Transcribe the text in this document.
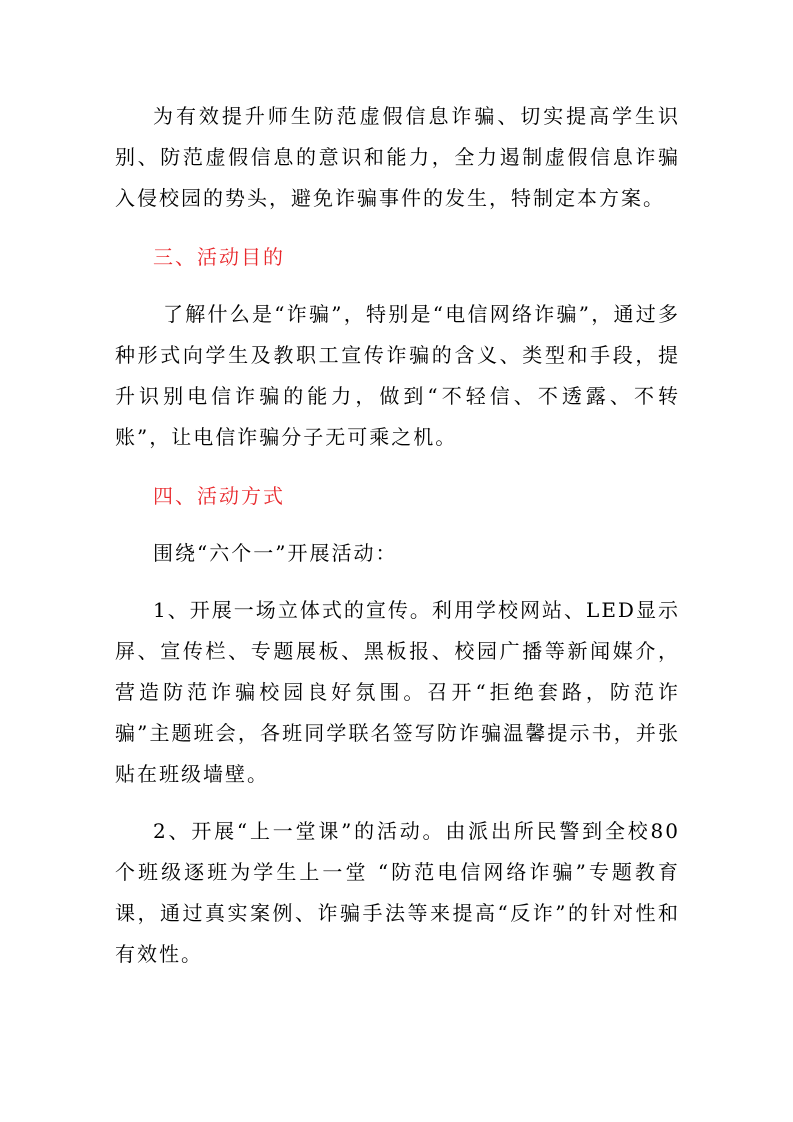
为有效提升师生防范虚假信息诈骗、切实提高学生识别、防范虚假信息的意识和能力，全力遏制虚假信息诈骗入侵校园的势头，避免诈骗事件的发生，特制定本方案。

三、活动目的

了解什么是“诈骗”，特别是“电信网络诈骗”，通过多种形式向学生及教职工宣传诈骗的含义、类型和手段，提升识别电信诈骗的能力，做到“不轻信、不透露、不转账”，让电信诈骗分子无可乘之机。

四、活动方式

围绕“六个一”开展活动：

1、开展一场立体式的宣传。利用学校网站、LED显示屏、宣传栏、专题展板、黑板报、校园广播等新闻媒介，营造防范诈骗校园良好氛围。召开“拒绝套路，防范诈骗”主题班会，各班同学联名签写防诈骗温馨提示书，并张贴在班级墙壁。

2、开展“上一堂课”的活动。由派出所民警到全校80个班级逐班为学生上一堂 “防范电信网络诈骗”专题教育课，通过真实案例、诈骗手法等来提高“反诈”的针对性和有效性。
